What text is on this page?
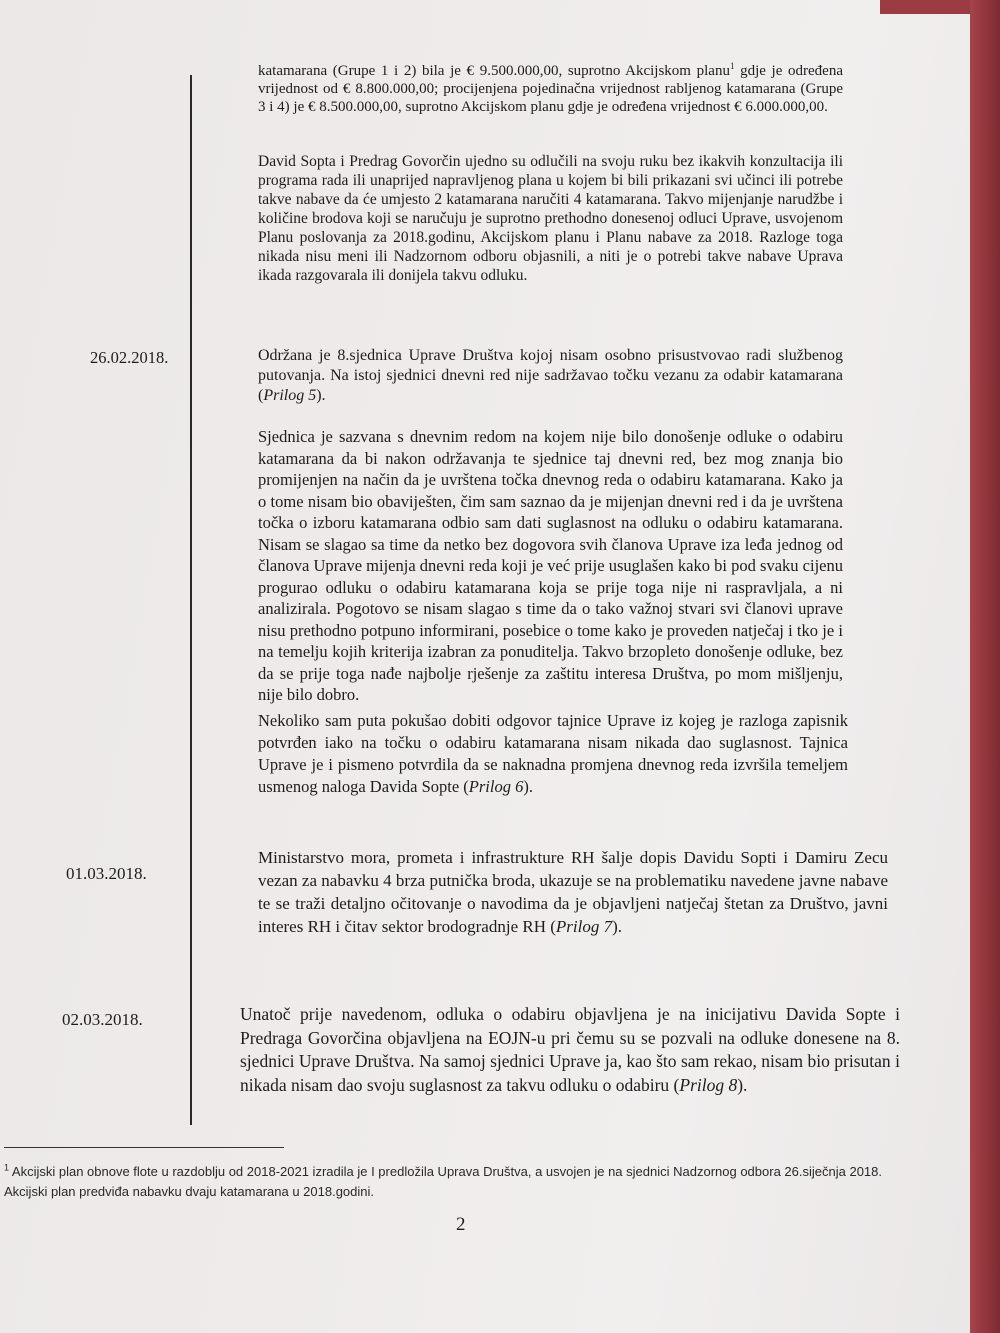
katamarana (Grupe 1 i 2) bila je € 9.500.000,00, suprotno Akcijskom planu$^1$ gdje je određena vrijednost od € 8.800.000,00; procijenjena pojedinačna vrijednost rabljenog katamarana (Grupe 3 i 4) je € 8.500.000,00, suprotno Akcijskom planu gdje je određena vrijednost € 6.000.000,00.

David Sopta i Predrag Govorčin ujedno su odlučili na svoju ruku bez ikakvih konzultacija ili programa rada ili unaprijed napravljenog plana u kojem bi bili prikazani svi učinci ili potrebe takve nabave da će umjesto 2 katamarana naručiti 4 katamarana. Takvo mijenjanje narudžbe i količine brodova koji se naručuju je suprotno prethodno donesenoj odluci Uprave, usvojenom Planu poslovanja za 2018.godinu, Akcijskom planu i Planu nabave za 2018. Razloge toga nikada nisu meni ili Nadzornom odboru objasnili, a niti je o potrebi takve nabave Uprava ikada razgovarala ili donijela takvu odluku.

26.02.2018.	Održana je 8.sjednica Uprave Društva kojoj nisam osobno prisustvovao radi službenog putovanja. Na istoj sjednici dnevni red nije sadržavao točku vezanu za odabir katamarana (Prilog 5).

Sjednica je sazvana s dnevnim redom na kojem nije bilo donošenje odluke o odabiru katamarana da bi nakon održavanja te sjednice taj dnevni red, bez mog znanja bio promijenjen na način da je uvrštena točka dnevnog reda o odabiru katamarana. Kako ja o tome nisam bio obaviješten, čim sam saznao da je mijenjan dnevni red i da je uvrštena točka o izboru katamarana odbio sam dati suglasnost na odluku o odabiru katamarana. Nisam se slagao sa time da netko bez dogovora svih članova Uprave iza leđa jednog od članova Uprave mijenja dnevni reda koji je već prije usuglašen kako bi pod svaku cijenu progurao odluku o odabiru katamarana koja se prije toga nije ni raspravljala, a ni analizirala. Pogotovo se nisam slagao s time da o tako važnoj stvari svi članovi uprave nisu prethodno potpuno informirani, posebice o tome kako je proveden natječaj i tko je i na temelju kojih kriterija izabran za ponuditelja. Takvo brzopleto donošenje odluke, bez da se prije toga nađe najbolje rješenje za zaštitu interesa Društva, po mom mišljenju, nije bilo dobro.

Nekoliko sam puta pokušao dobiti odgovor tajnice Uprave iz kojeg je razloga zapisnik potvrđen iako na točku o odabiru katamarana nisam nikada dao suglasnost. Tajnica Uprave je i pismeno potvrdila da se naknadna promjena dnevnog reda izvršila temeljem usmenog naloga Davida Sopte (Prilog 6).

01.03.2018.

Ministarstvo mora, prometa i infrastrukture RH šalje dopis Davidu Sopti i Damiru Zecu vezan za nabavku 4 brza putnička broda, ukazuje se na problematiku navedene javne nabave te se traži detaljno očitovanje o navodima da je objavljeni natječaj štetan za Društvo, javni interes RH i čitav sektor brodogradnje RH (Prilog 7).

02.03.2018.	Unatoč prije navedenom, odluka o odabiru objavljena je na inicijativu Davida Sopte i Predraga Govorčina objavljena na EOJN-u pri čemu su se pozvali na odluke donesene na 8. sjednici Uprave Društva. Na samoj sjednici Uprave ja, kao što sam rekao, nisam bio prisutan i nikada nisam dao svoju suglasnost za takvu odluku o odabiru (Prilog 8).

$^1$ Akcijski plan obnove flote u razdoblju od 2018-2021 izradila je I predložila Uprava Društva, a usvojen je na sjednici Nadzornog odbora 26.siječnja 2018. Akcijski plan predviđa nabavku dvaju katamarana u 2018.godini.

2
